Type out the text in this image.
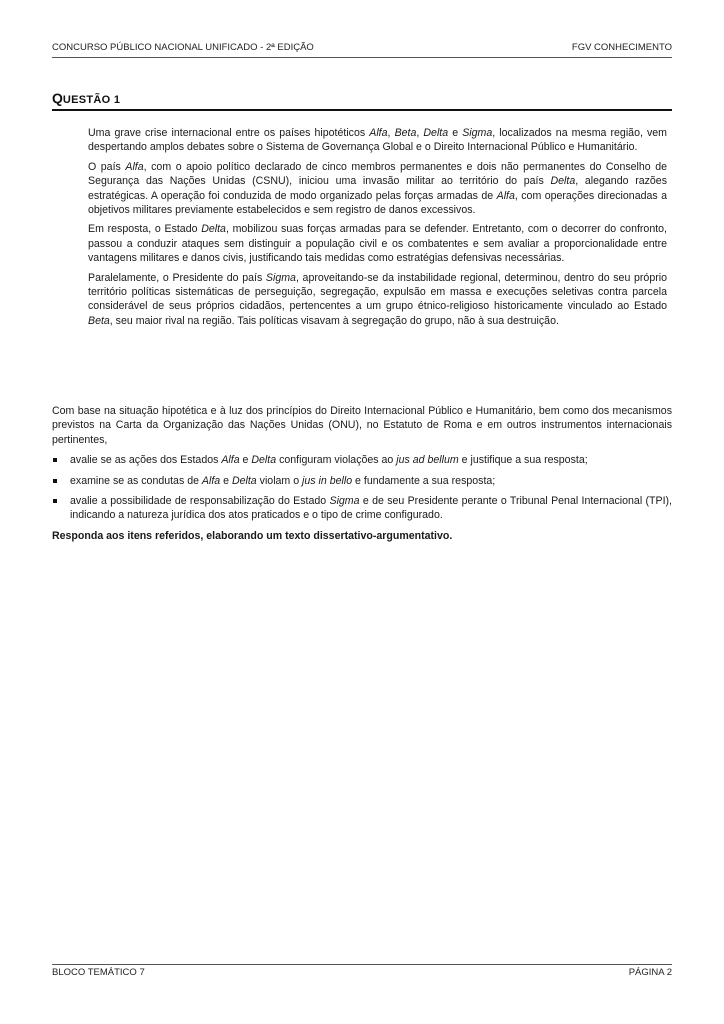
CONCURSO PÚBLICO NACIONAL UNIFICADO - 2ª EDIÇÃO	FGV CONHECIMENTO
QUESTÃO 1

Uma grave crise internacional entre os países hipotéticos Alfa, Beta, Delta e Sigma, localizados na mesma região, vem despertando amplos debates sobre o Sistema de Governança Global e o Direito Internacional Público e Humanitário.

O país Alfa, com o apoio político declarado de cinco membros permanentes e dois não permanentes do Conselho de Segurança das Nações Unidas (CSNU), iniciou uma invasão militar ao território do país Delta, alegando razões estratégicas. A operação foi conduzida de modo organizado pelas forças armadas de Alfa, com operações direcionadas a objetivos militares previamente estabelecidos e sem registro de danos excessivos.

Em resposta, o Estado Delta, mobilizou suas forças armadas para se defender. Entretanto, com o decorrer do confronto, passou a conduzir ataques sem distinguir a população civil e os combatentes e sem avaliar a proporcionalidade entre vantagens militares e danos civis, justificando tais medidas como estratégias defensivas necessárias.

Paralelamente, o Presidente do país Sigma, aproveitando-se da instabilidade regional, determinou, dentro do seu próprio território políticas sistemáticas de perseguição, segregação, expulsão em massa e execuções seletivas contra parcela considerável de seus próprios cidadãos, pertencentes a um grupo étnico-religioso historicamente vinculado ao Estado Beta, seu maior rival na região. Tais políticas visavam à segregação do grupo, não à sua destruição.

Com base na situação hipotética e à luz dos princípios do Direito Internacional Público e Humanitário, bem como dos mecanismos previstos na Carta da Organização das Nações Unidas (ONU), no Estatuto de Roma e em outros instrumentos internacionais pertinentes,

avalie se as ações dos Estados Alfa e Delta configuram violações ao jus ad bellum e justifique a sua resposta;
examine se as condutas de Alfa e Delta violam o jus in bello e fundamente a sua resposta;
avalie a possibilidade de responsabilização do Estado Sigma e de seu Presidente perante o Tribunal Penal Internacional (TPI), indicando a natureza jurídica dos atos praticados e o tipo de crime configurado.

Responda aos itens referidos, elaborando um texto dissertativo-argumentativo.

BLOCO TEMÁTICO 7	PÁGINA 2
